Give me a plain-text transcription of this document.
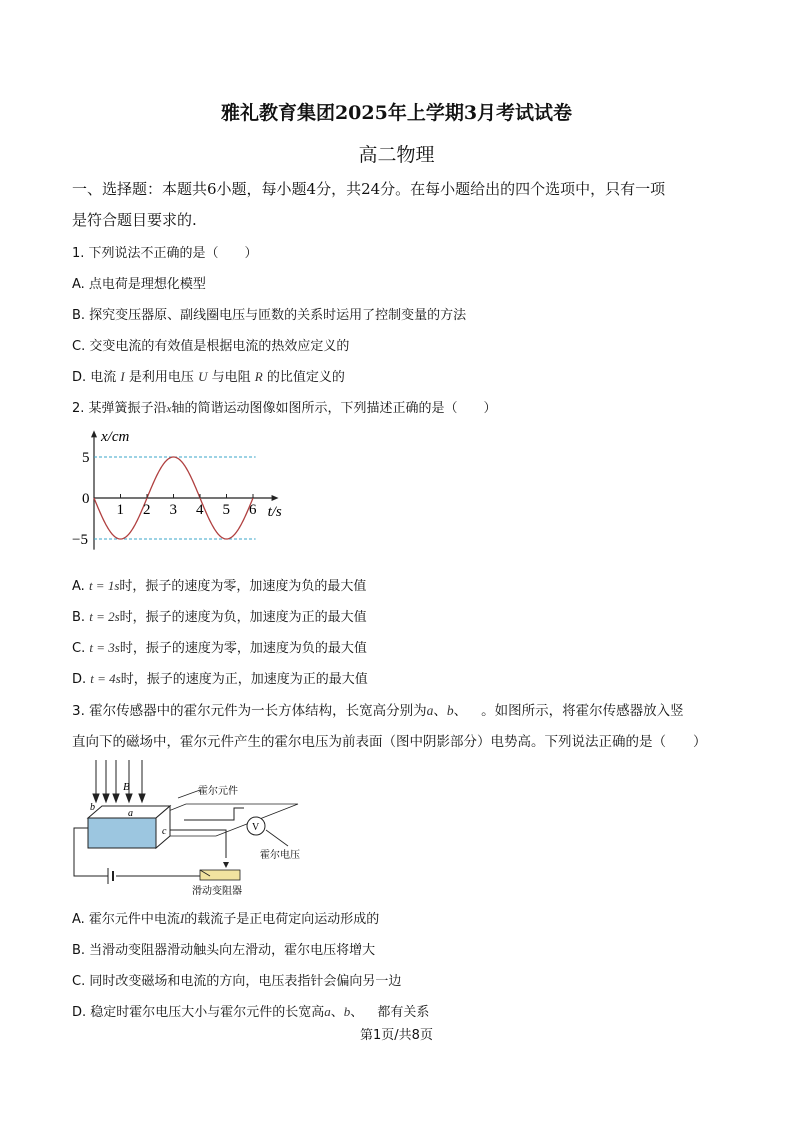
雅礼教育集团2025年上学期3月考试试卷
高二物理
一、选择题：本题共6小题，每小题4分，共24分。在每小题给出的四个选项中，只有一项
是符合题目要求的.
1. 下列说法不正确的是（　　）
A. 点电荷是理想化模型
B. 探究变压器原、副线圈电压与匝数的关系时运用了控制变量的方法
C. 交变电流的有效值是根据电流的热效应定义的
D. 电流 I 是利用电压 U 与电阻 R 的比值定义的
2. 某弹簧振子沿x轴的简谐运动图像如图所示，下列描述正确的是（　　）
1 2 3 4 5 6
5
0
−5
x/cm
t/s
A. t = 1s时，振子的速度为零，加速度为负的最大值
B. t = 2s时，振子的速度为负，加速度为正的最大值
C. t = 3s时，振子的速度为零，加速度为负的最大值
D. t = 4s时，振子的速度为正，加速度为正的最大值
3. 霍尔传感器中的霍尔元件为一长方体结构，长宽高分别为a、b、 。如图所示，将霍尔传感器放入竖
直向下的磁场中，霍尔元件产生的霍尔电压为前表面（图中阴影部分）电势高。下列说法正确的是（　　）
B
b
a
c
霍尔元件
V
霍尔电压
滑动变阻器
A. 霍尔元件中电流I的载流子是正电荷定向运动形成的
B. 当滑动变阻器滑动触头向左滑动，霍尔电压将增大
C. 同时改变磁场和电流的方向，电压表指针会偏向另一边
D. 稳定时霍尔电压大小与霍尔元件的长宽高a、b、 都有关系
第1页/共8页
